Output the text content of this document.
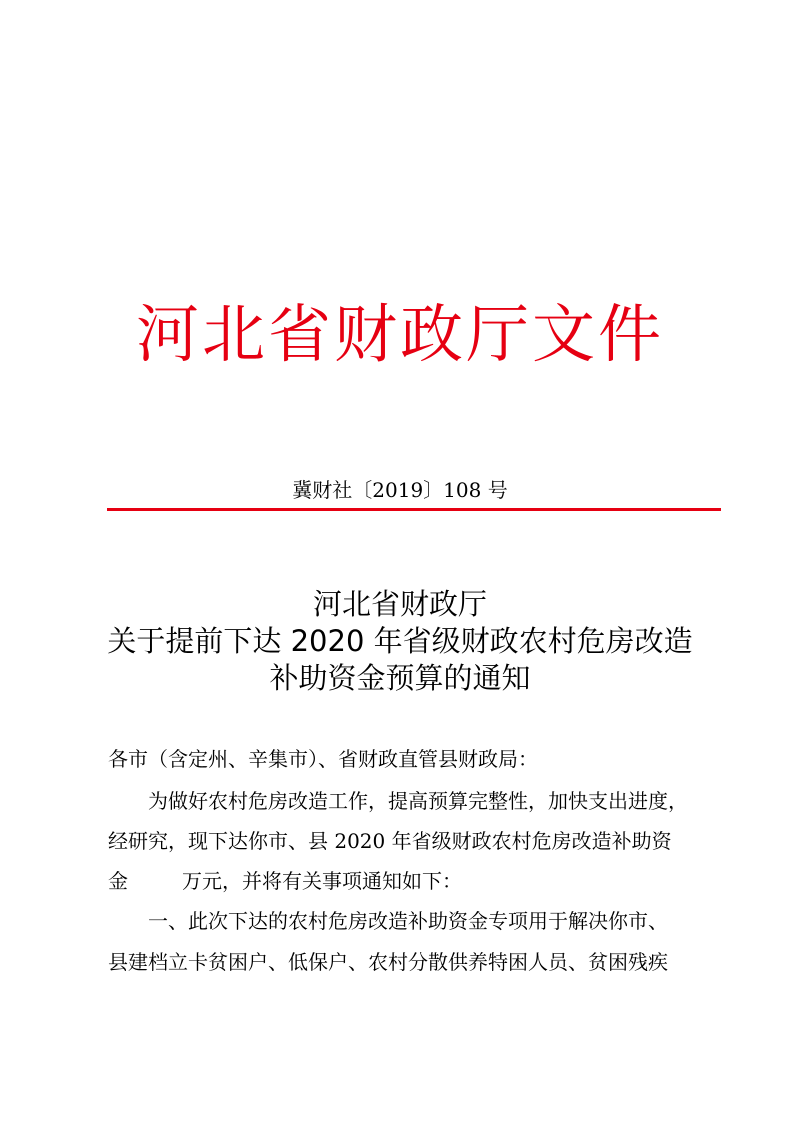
河北省财政厅文件
冀财社〔2019〕108 号
河北省财政厅
关于提前下达 2020 年省级财政农村危房改造
补助资金预算的通知
各市（含定州、辛集市）、省财政直管县财政局：
为做好农村危房改造工作，提高预算完整性，加快支出进度，
经研究，现下达你市、县 2020 年省级财政农村危房改造补助资
金	万元，并将有关事项通知如下：
一、此次下达的农村危房改造补助资金专项用于解决你市、
县建档立卡贫困户、低保户、农村分散供养特困人员、贫困残疾
